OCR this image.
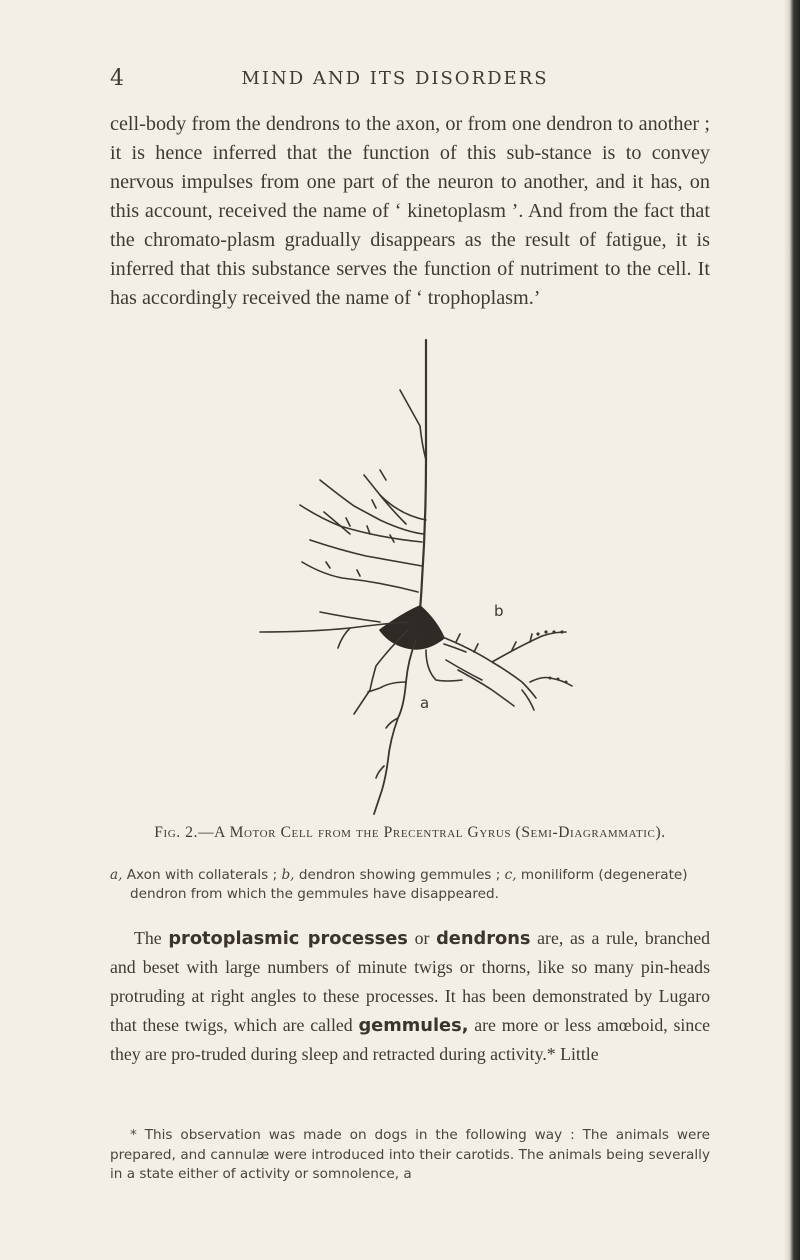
4	MIND AND ITS DISORDERS

cell-body from the dendrons to the axon, or from one dendron to another ; it is hence inferred that the function of this sub-stance is to convey nervous impulses from one part of the neuron to another, and it has, on this account, received the name of ‘ kinetoplasm ’. And from the fact that the chromato-plasm gradually disappears as the result of fatigue, it is inferred that this substance serves the function of nutriment to the cell. It has accordingly received the name of ‘ trophoplasm.’

b
a

Fig. 2.—A Motor Cell from the Precentral Gyrus (Semi-Diagrammatic).

a, Axon with collaterals ; b, dendron showing gemmules ; c, moniliform (degenerate) dendron from which the gemmules have disappeared.

The protoplasmic processes or dendrons are, as a rule, branched and beset with large numbers of minute twigs or thorns, like so many pin-heads protruding at right angles to these processes. It has been demonstrated by Lugaro that these twigs, which are called gemmules, are more or less amœboid, since they are pro-truded during sleep and retracted during activity.* Little

* This observation was made on dogs in the following way : The animals were prepared, and cannulæ were introduced into their carotids. The animals being severally in a state either of activity or somnolence, a
